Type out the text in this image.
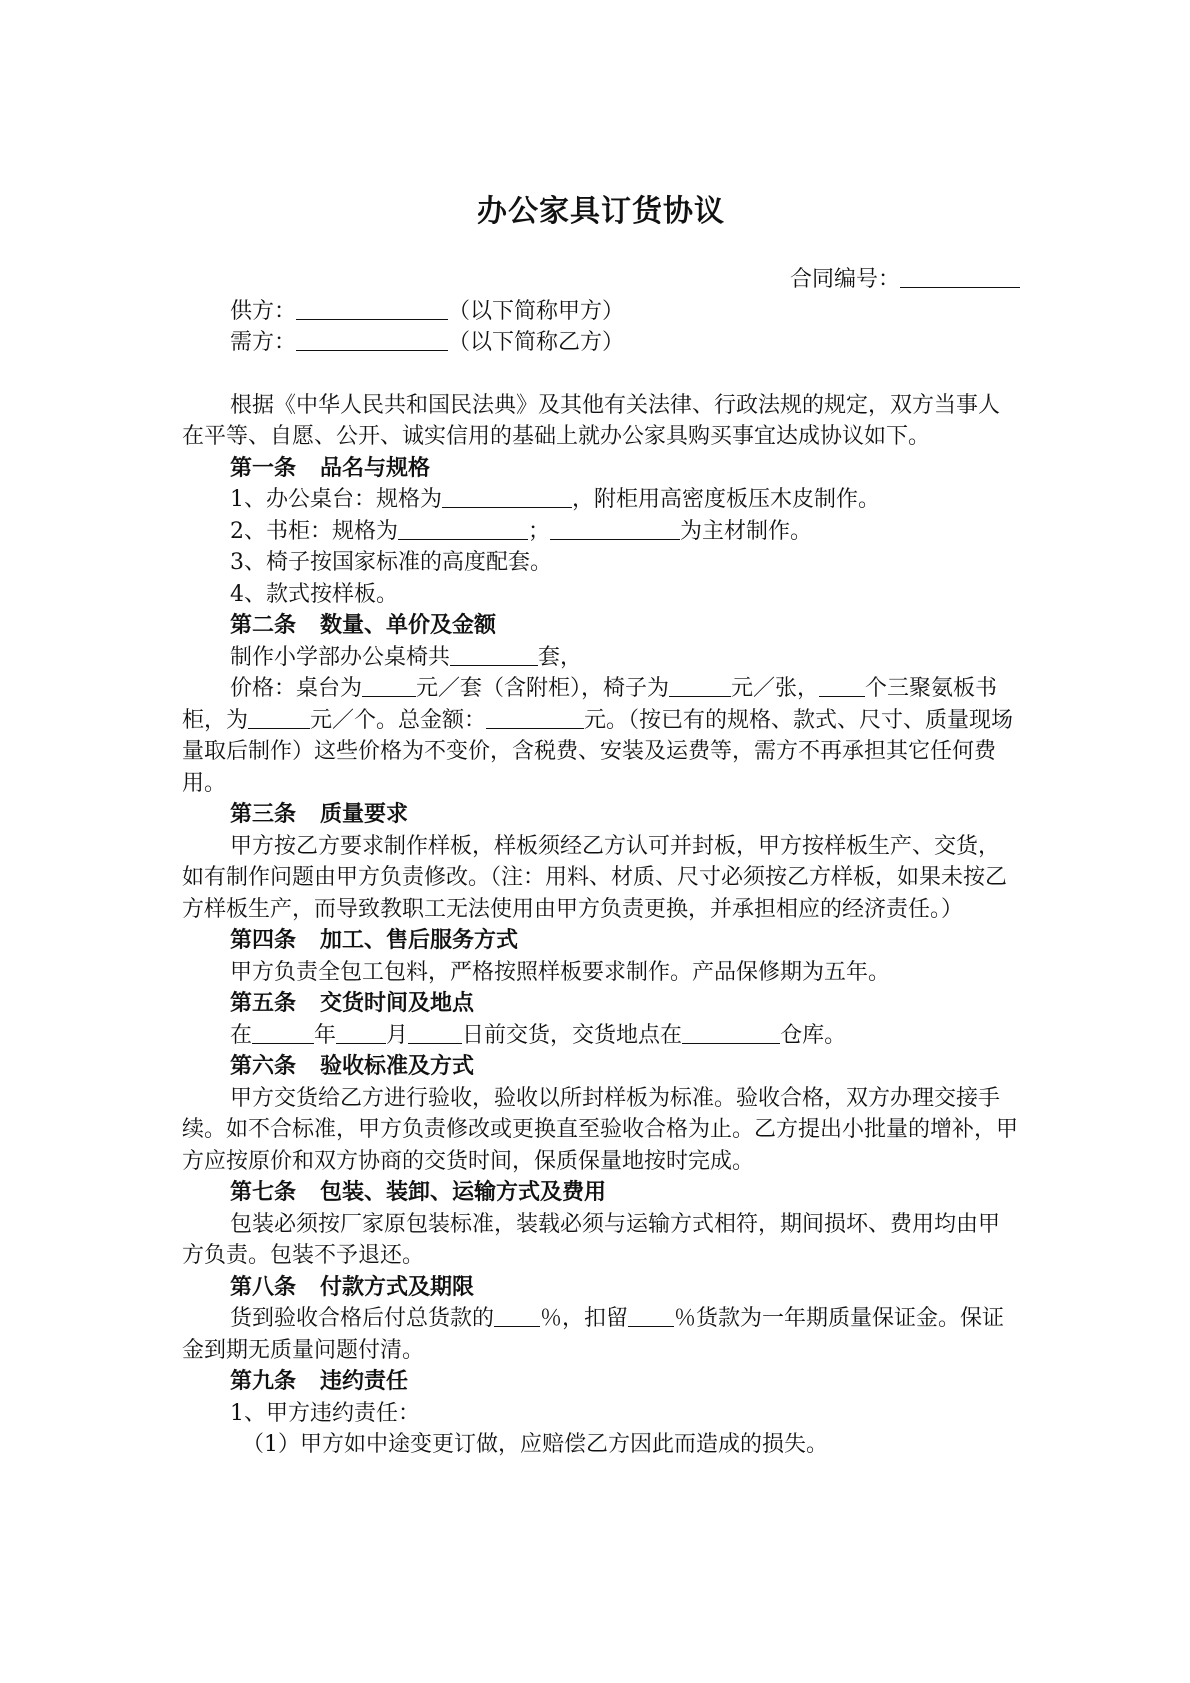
办公家具订货协议

合同编号：

供方：	（以下简称甲方）

需方：	（以下简称乙方）

根据《中华人民共和国民法典》及其他有关法律、行政法规的规定，双方当事人在平等、自愿、公开、诚实信用的基础上就办公家具购买事宜达成协议如下。

第一条 品名与规格

1、办公桌台：规格为	，附柜用高密度板压木皮制作。

2、书柜：规格为	；	为主材制作。

3、椅子按国家标准的高度配套。

4、款式按样板。

第二条 数量、单价及金额

制作小学部办公桌椅共	套，

价格：桌台为 元／套（含附柜），椅子为	元／张， 个三聚氨板书柜，为	元／个。总金额：	元。（按已有的规格、款式、尺寸、质量现场量取后制作）这些价格为不变价，含税费、安装及运费等，需方不再承担其它任何费用。

第三条 质量要求

甲方按乙方要求制作样板，样板须经乙方认可并封板，甲方按样板生产、交货，如有制作问题由甲方负责修改。（注：用料、材质、尺寸必须按乙方样板，如果未按乙方样板生产，而导致教职工无法使用由甲方负责更换，并承担相应的经济责任。）

第四条 加工、售后服务方式

甲方负责全包工包料，严格按照样板要求制作。产品保修期为五年。

第五条 交货时间及地点

在	年 月 日前交货，交货地点在	仓库。

第六条 验收标准及方式

甲方交货给乙方进行验收，验收以所封样板为标准。验收合格，双方办理交接手续。如不合标准，甲方负责修改或更换直至验收合格为止。乙方提出小批量的增补，甲方应按原价和双方协商的交货时间，保质保量地按时完成。

第七条 包装、装卸、运输方式及费用

包装必须按厂家原包装标准，装载必须与运输方式相符，期间损坏、费用均由甲方负责。包装不予退还。

第八条 付款方式及期限

货到验收合格后付总货款的 ％，扣留 ％货款为一年期质量保证金。保证金到期无质量问题付清。

第九条 违约责任

1、甲方违约责任：

（1）甲方如中途变更订做，应赔偿乙方因此而造成的损失。
